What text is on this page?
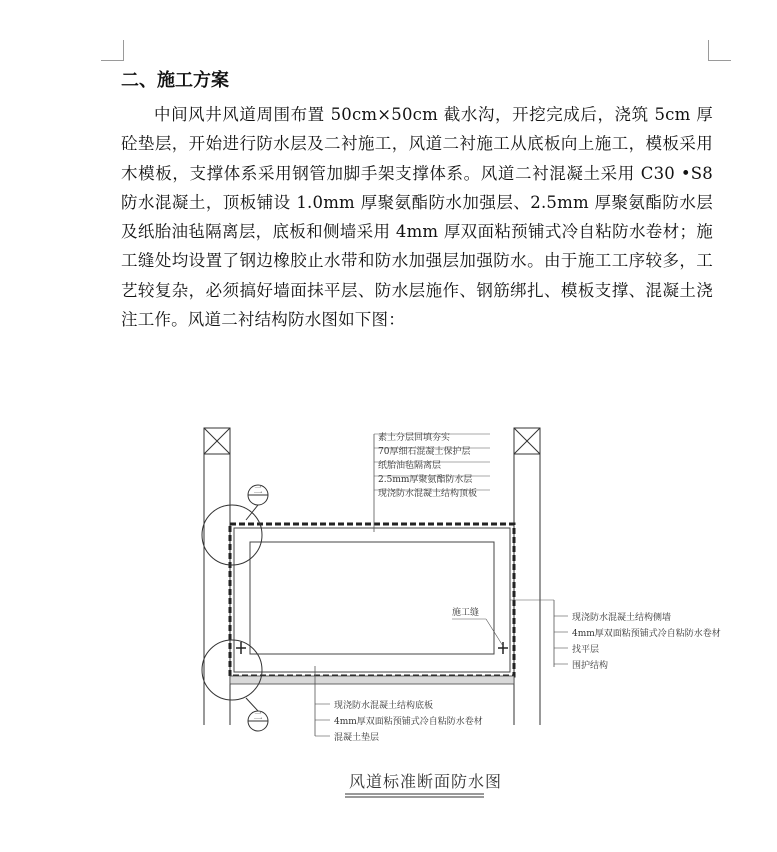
二、施工方案

中间风井风道周围布置 50cm×50cm 截水沟，开挖完成后，浇筑 5cm 厚砼垫层，开始进行防水层及二衬施工，风道二衬施工从底板向上施工，模板采用木模板，支撑体系采用钢管加脚手架支撑体系。风道二衬混凝土采用 C30 •S8 防水混凝土，顶板铺设 1.0mm 厚聚氨酯防水加强层、2.5mm 厚聚氨酯防水层及纸胎油毡隔离层，底板和侧墙采用 4mm 厚双面粘预铺式冷自粘防水卷材；施工缝处均设置了钢边橡胶止水带和防水加强层加强防水。由于施工工序较多，工艺较复杂，必须搞好墙面抹平层、防水层施作、钢筋绑扎、模板支撑、混凝土浇注工作。风道二衬结构防水图如下图：

二
二
素土分层回填夯实
70厚细石混凝土保护层
纸胎油毡隔离层
2.5mm厚聚氨酯防水层
现浇防水混凝土结构顶板
施工缝	现浇防水混凝土结构侧墙
4mm厚双面粘预铺式冷自粘防水卷材
找平层
围护结构
现浇防水混凝土结构底板
4mm厚双面粘预铺式冷自粘防水卷材
混凝土垫层
风道标准断面防水图
